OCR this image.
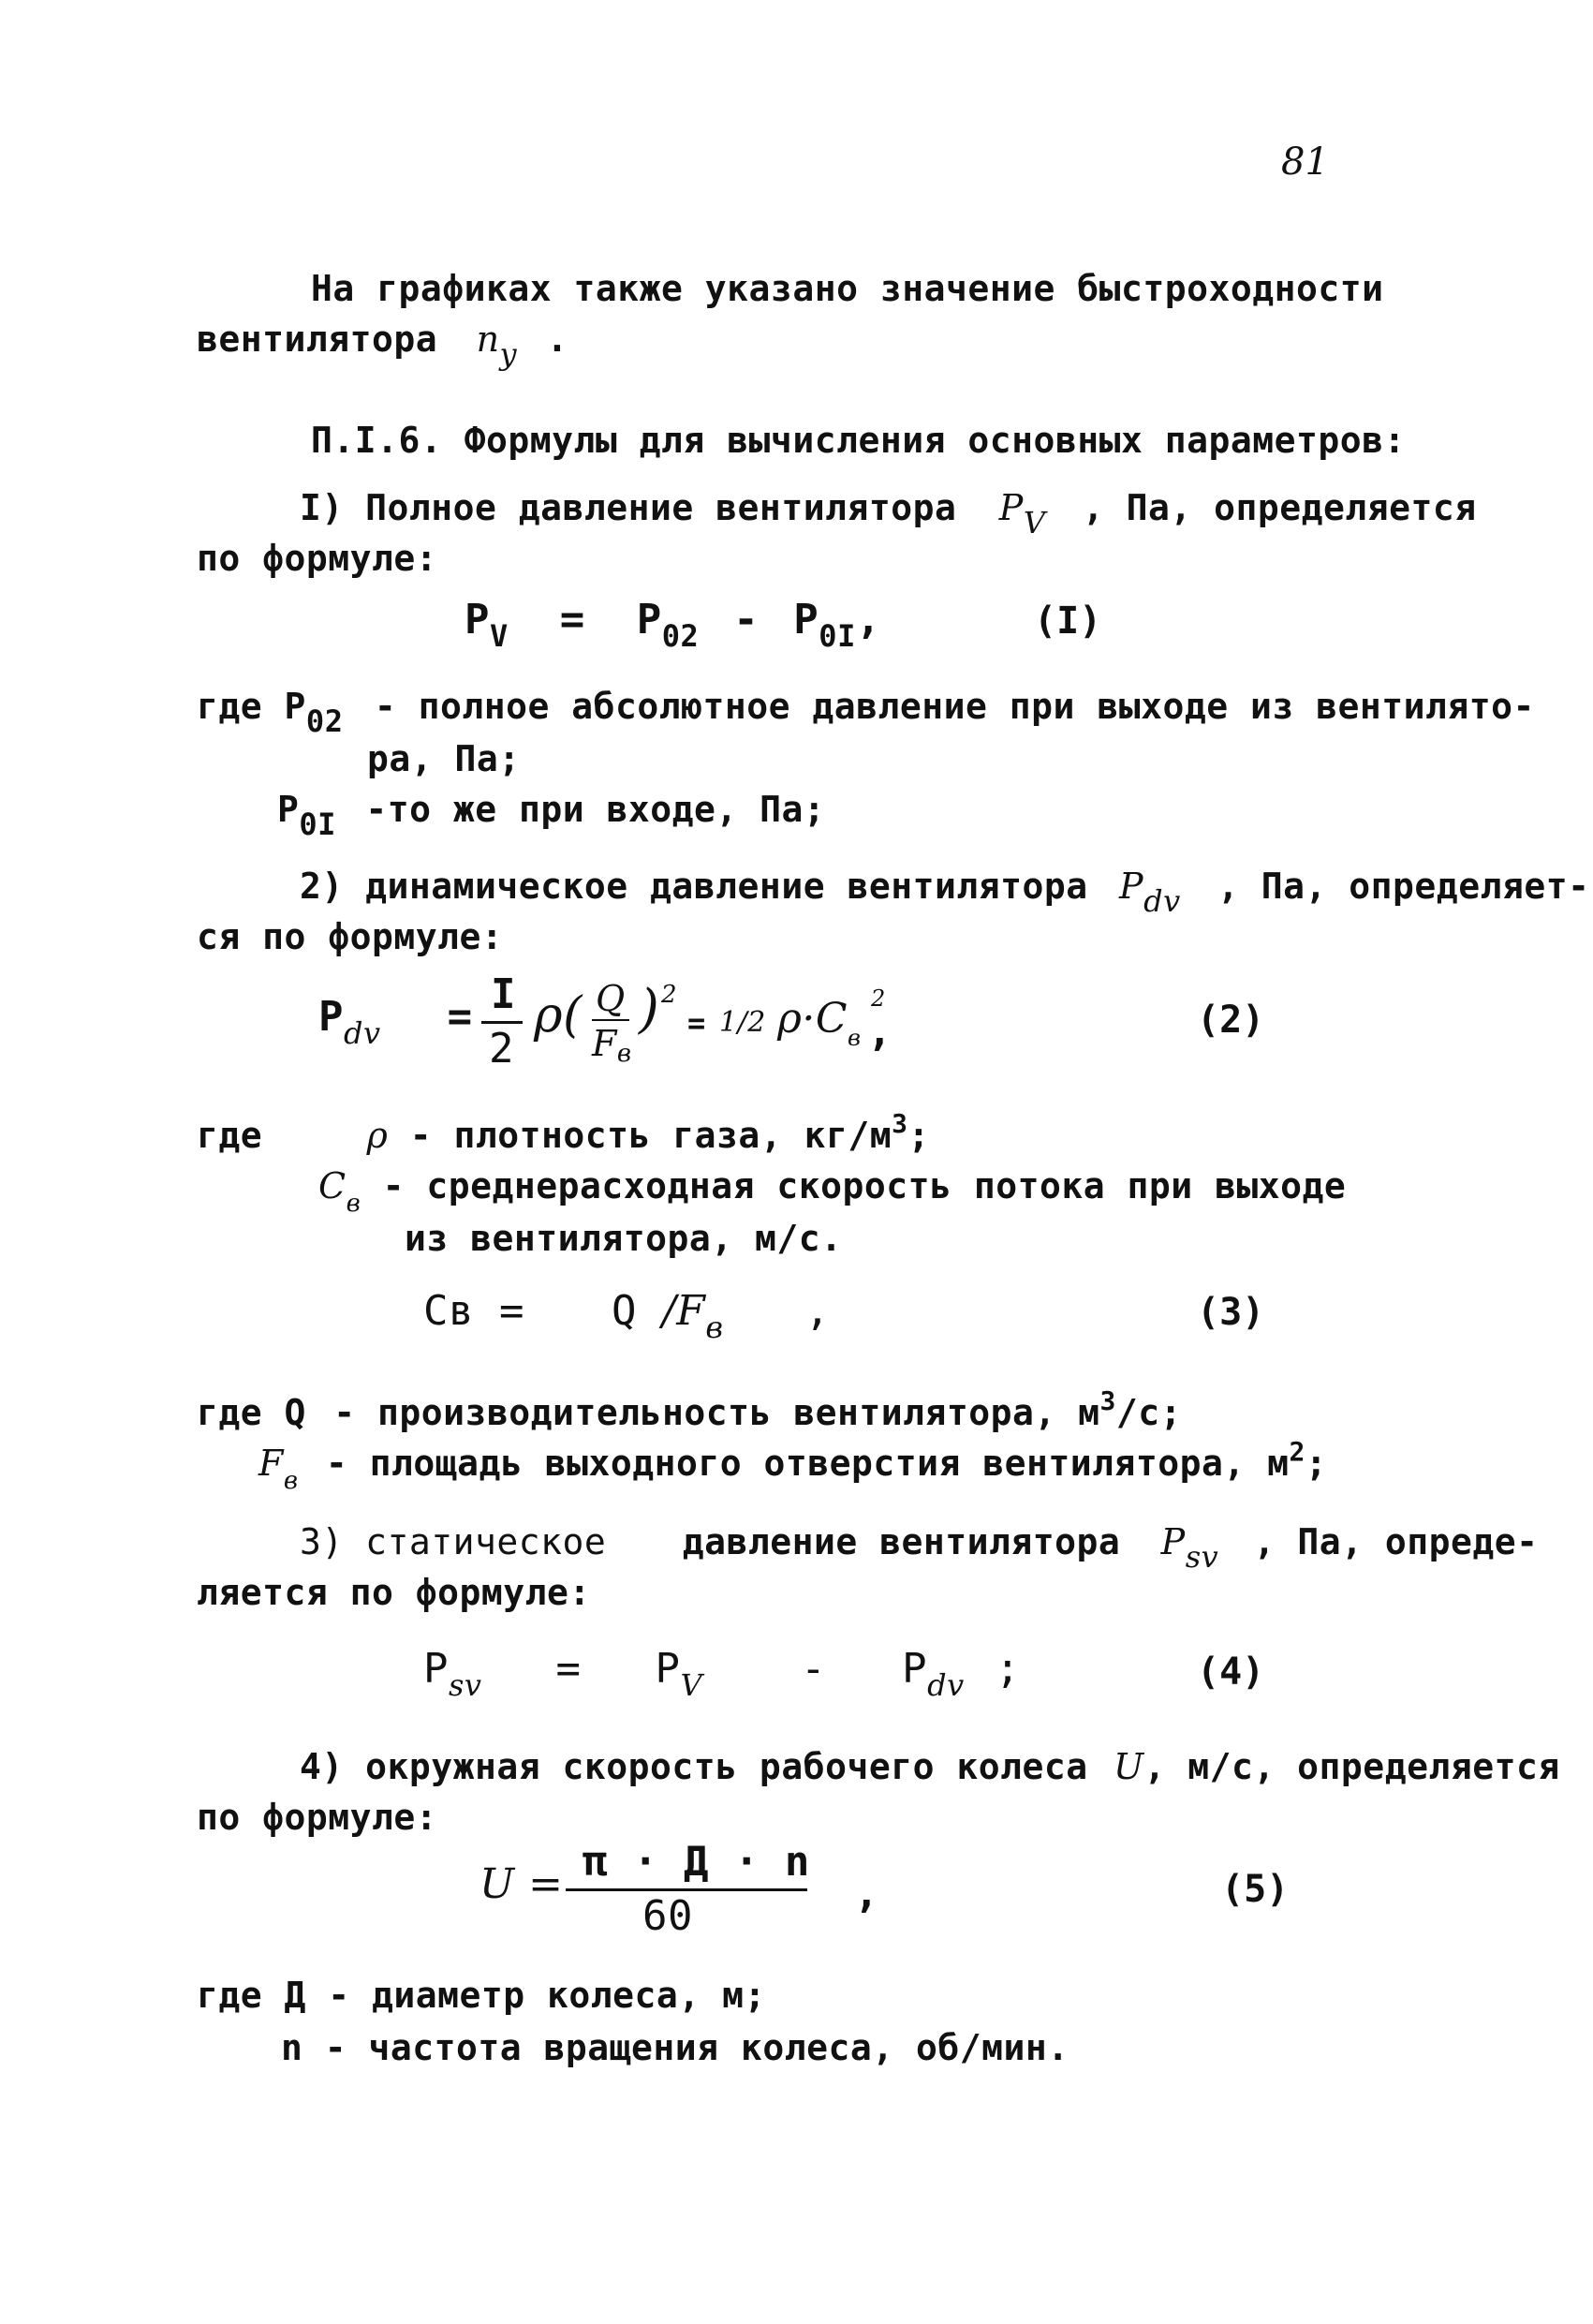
81
На графиках также указано значение быстроходности
вентилятора $n_y$ .
П.I.6. Формулы для вычисления основных параметров:
I) Полное давление вентилятора $P_V$ , Па, определяется
по формуле:
$P_V = P_{02} - P_{0I}$,	(I)
где $P_{02}$ - полное абсолютное давление при выходе из вентилято-
ра, Па;
$P_{0I}$ -то же при входе, Па;
2) динамическое давление вентилятора $P_{dv}$ , Па, определяет-
ся по формуле:
$P_{dv} = I$
2
ρ( Q
Fв
) 2
= 1/2 $\rho\cdot C_в$
2
,	(2)
где	ρ - плотность газа, $кг/м^3$;
$C_в$ - среднерасходная скорость потока при выходе
из вентилятора, м/с.
Св = Q $/F_в$ ,	(3)
где Q - производительность вентилятора, $м^3/с$;
$F_в$ - площадь выходного отверстия вентилятора, $м^2$;
3) статическое давление вентилятора $P_{sv}$ , Па, опреде-
ляется по формуле:
$P_{sv} = P_V - P_{dv}$ ;	(4)
4) окружная скорость рабочего колеса U, м/с, определяется
по формуле:
U = π · Д · n
60	,	(5)
где Д - диаметр колеса, м;
n - частота вращения колеса, об/мин.
